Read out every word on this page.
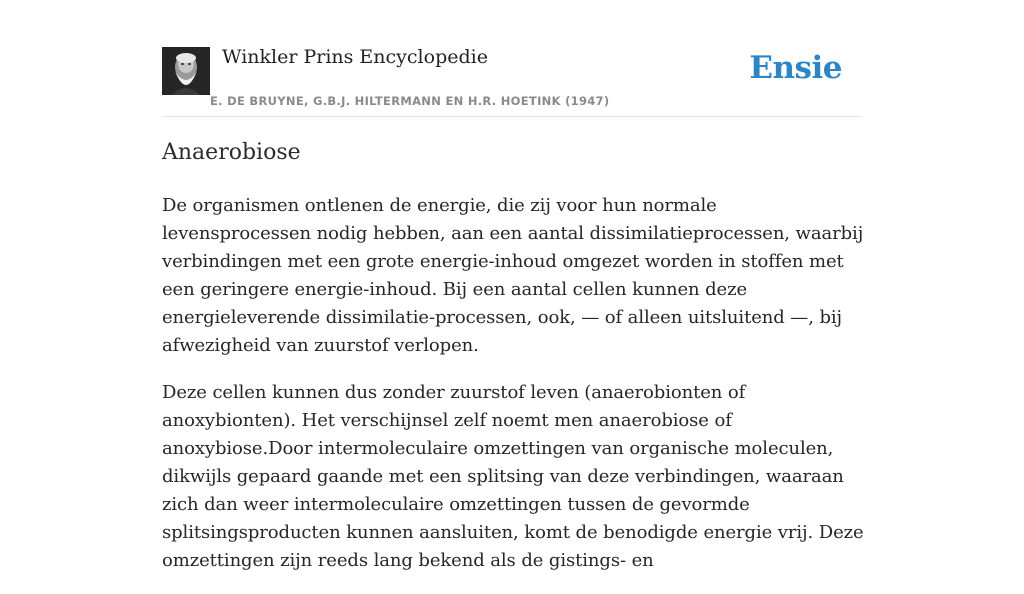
Winkler Prins Encyclopedie
E. DE BRUYNE, G.B.J. HILTERMANN EN H.R. HOETINK (1947)
Ensie
Anaerobiose

De organismen ontlenen de energie, die zij voor hun normale levensprocessen nodig hebben, aan een aantal dissimilatieprocessen, waarbij verbindingen met een grote energie-inhoud omgezet worden in stoffen met een geringere energie-inhoud. Bij een aantal cellen kunnen deze energieleverende dissimilatie-processen, ook, — of alleen uitsluitend —, bij afwezigheid van zuurstof verlopen.

Deze cellen kunnen dus zonder zuurstof leven (anaerobionten of anoxybionten). Het verschijnsel zelf noemt men anaerobiose of anoxybiose.Door intermoleculaire omzettingen van organische moleculen, dikwijls gepaard gaande met een splitsing van deze verbindingen, waaraan zich dan weer intermoleculaire omzettingen tussen de gevormde splitsingsproducten kunnen aansluiten, komt de benodigde energie vrij. Deze omzettingen zijn reeds lang bekend als de gistings- en
